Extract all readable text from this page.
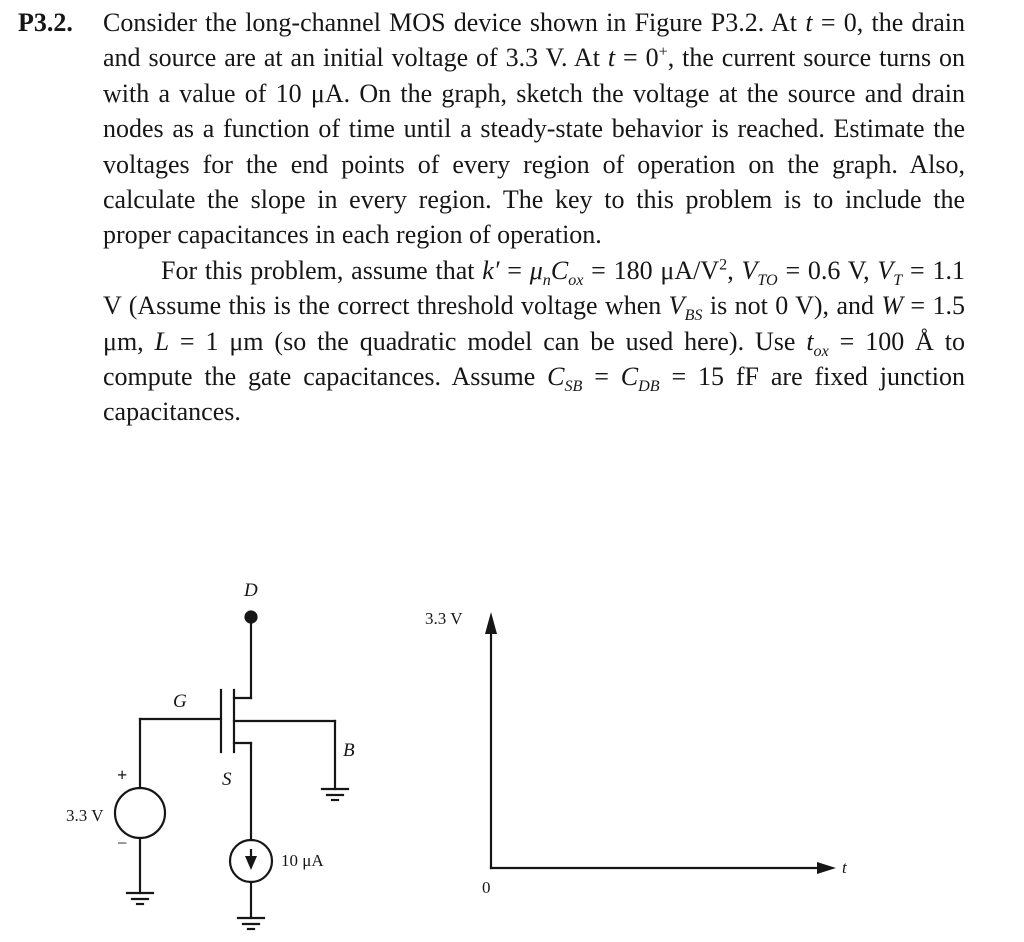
P3.2. Consider the long-channel MOS device shown in Figure P3.2. At t = 0, the drain and source are at an initial voltage of 3.3 V. At t = 0+, the current source turns on with a value of 10 μA. On the graph, sketch the voltage at the source and drain nodes as a function of time until a steady-state behavior is reached. Estimate the voltages for the end points of every region of operation on the graph. Also, calculate the slope in every region. The key to this problem is to include the proper capacitances in each region of operation.

For this problem, assume that $k' = \mu_nC_{ox} = 180$ $\mu A/V^2$, $V_{TO} = 0.6$ V, $V_T = 1.1$ V (Assume this is the correct threshold voltage when $V_{BS}$ is not 0 V), and W = 1.5 μm, L = 1 μm (so the quadratic model can be used here). Use $t_{ox} = 100$ Å to compute the gate capacitances. Assume $C_{SB} = C_{DB} = 15$ fF are fixed junction capacitances.

D
G
S
B
+
−
3.3 V
10 μA
3.3 V
0
t
